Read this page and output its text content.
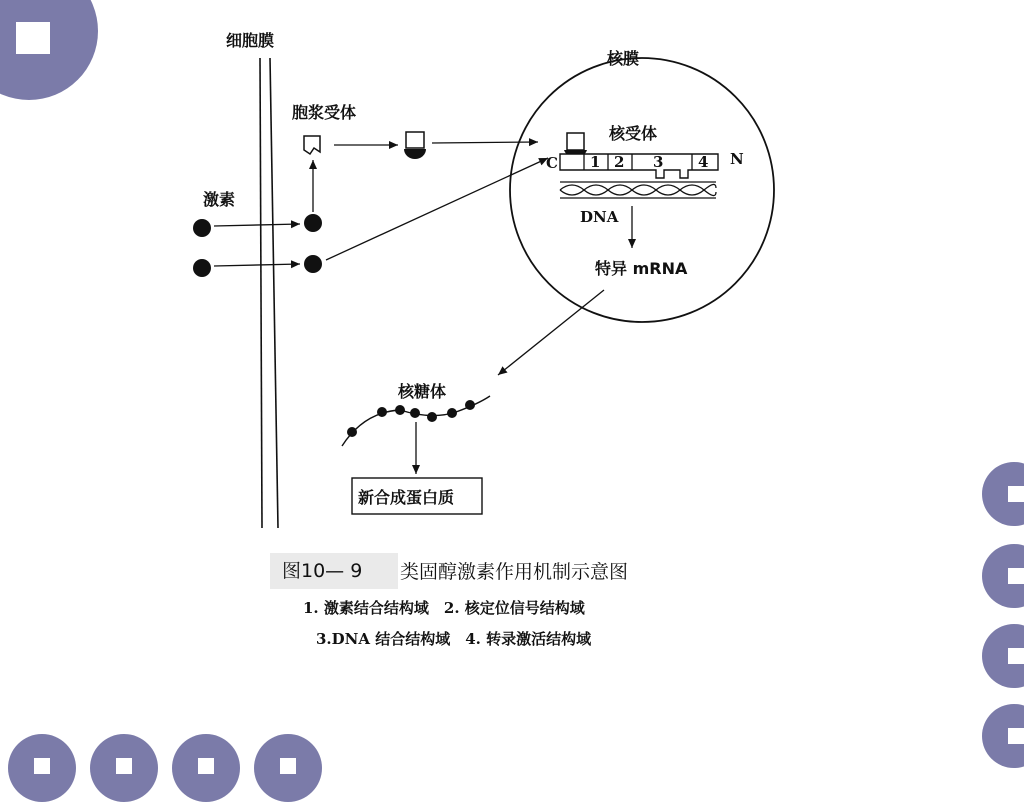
细胞膜
激素
胞浆受体
核膜
核受体
C	N
1 2 3 4
DNA
特异 mRNA
核糖体
新合成蛋白质
图10— 9	类固醇激素作用机制示意图
1. 激素结合结构域　2. 核定位信号结构域
3.DNA 结合结构域　4. 转录激活结构域
